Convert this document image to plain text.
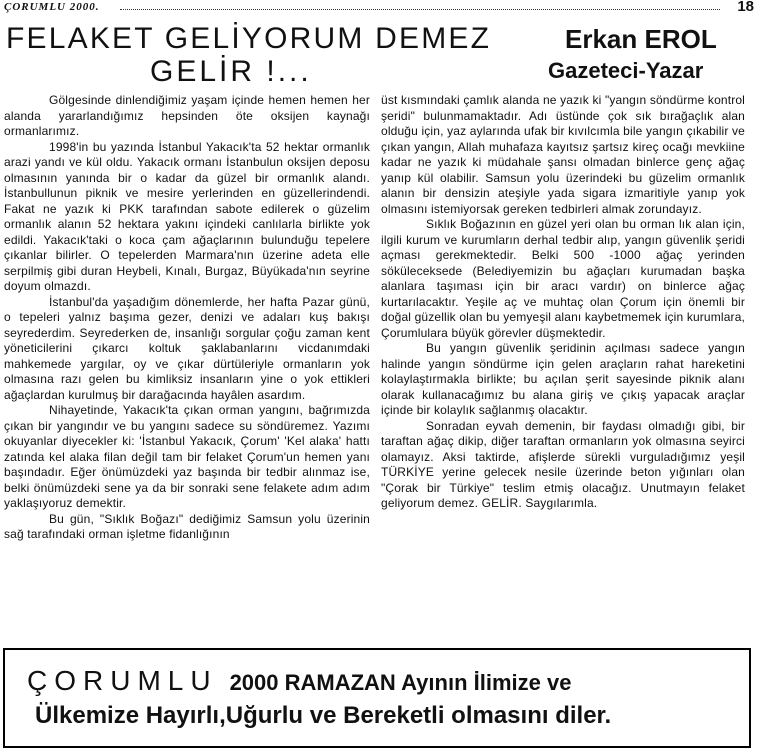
ÇORUMLU 2000.	18
FELAKET GELİYORUM DEMEZ
GELİR !...
Erkan EROL
Gazeteci-Yazar

Gölgesinde dinlendiğimiz yaşam içinde hemen hemen her alanda yararlandığımız hepsinden öte oksijen kaynağı ormanlarımız.

1998'in bu yazında İstanbul Yakacık'ta 52 hektar ormanlık arazi yandı ve kül oldu. Yakacık ormanı İstanbulun oksijen deposu olmasının yanında bir o kadar da güzel bir ormanlık alandı. İstanbullunun piknik ve mesire yerlerinden en güzellerindendi. Fakat ne yazık ki PKK tarafından sabote edilerek o güzelim ormanlık alanın 52 hektara yakını içindeki canlılarla birlikte yok edildi. Yakacık'taki o koca çam ağaçlarının bulunduğu tepelere çıkanlar bilirler. O tepelerden Marmara'nın üzerine adeta elle serpilmiş gibi duran Heybeli, Kınalı, Burgaz, Büyükada'nın seyrine doyum olmazdı.

İstanbul'da yaşadığım dönemlerde, her hafta Pazar günü, o tepeleri yalnız başıma gezer, denizi ve adaları kuş bakışı seyrederdim. Seyrederken de, insanlığı sorgular çoğu zaman kent yöneticilerini çıkarcı koltuk şaklabanlarını vicdanımdaki mahkemede yargılar, oy ve çıkar dürtüleriyle ormanların yok olmasına razı gelen bu kimliksiz insanların yine o yok ettikleri ağaçlardan kurulmuş bir darağacında hayâlen asardım.

Nihayetinde, Yakacık'ta çıkan orman yangını, bağrımızda çıkan bir yangındır ve bu yangını sadece su söndüremez. Yazımı okuyanlar diyecekler ki: 'İstanbul Yakacık, Çorum' 'Kel alaka' hattı zatında kel alaka filan değil tam bir felaket Çorum'un hemen yanı başındadır. Eğer önümüzdeki yaz başında bir tedbir alınmaz ise, belki önümüzdeki sene ya da bir sonraki sene felakete adım adım yaklaşıyoruz demektir.

Bu gün, "Sıklık Boğazı" dediğimiz Samsun yolu üzerinin sağ tarafındaki orman işletme fidanlığının

üst kısmındaki çamlık alanda ne yazık ki "yangın söndürme kontrol şeridi" bulunmamaktadır. Adı üstünde çok sık bırağaçlık alan olduğu için, yaz aylarında ufak bir kıvılcımla bile yangın çıkabilir ve çıkan yangın, Allah muhafaza kayıtsız şartsız kireç ocağı mevkiine kadar ne yazık ki müdahale şansı olmadan binlerce genç ağaç yanıp kül olabilir. Samsun yolu üzerindeki bu güzelim ormanlık alanın bir densizin ateşiyle yada sigara izmaritiyle yanıp yok olmasını istemiyorsak gereken tedbirleri almak zorundayız.

Sıklık Boğazının en güzel yeri olan bu orman lık alan için, ilgili kurum ve kurumların derhal tedbir alıp, yangın güvenlik şeridi açması gerekmektedir. Belki 500 -1000 ağaç yerinden söküleceksede (Belediyemizin bu ağaçları kurumadan başka alanlara taşıması için bir aracı vardır) on binlerce ağaç kurtarılacaktır. Yeşile aç ve muhtaç olan Çorum için önemli bir doğal güzellik olan bu yemyeşil alanı kaybetmemek için kurumlara, Çorumlulara büyük görevler düşmektedir.

Bu yangın güvenlik şeridinin açılması sadece yangın halinde yangın söndürme için gelen araçların rahat hareketini kolaylaştırmakla birlikte; bu açılan şerit sayesinde piknik alanı olarak kullanacağımız bu alana giriş ve çıkış yapacak araçlar içinde bir kolaylık sağlanmış olacaktır.

Sonradan eyvah demenin, bir faydası olmadığı gibi, bir taraftan ağaç dikip, diğer taraftan ormanların yok olmasına seyirci olamayız. Aksi taktirde, afişlerde sürekli vurguladığımız yeşil TÜRKİYE yerine gelecek nesile üzerinde beton yığınları olan "Çorak bir Türkiye" teslim etmiş olacağız. Unutmayın felaket geliyorum demez. GELİR. Saygılarımla.

ÇORUMLU 2000 RAMAZAN Ayının İlimize ve
Ülkemize Hayırlı,Uğurlu ve Bereketli olmasını diler.
